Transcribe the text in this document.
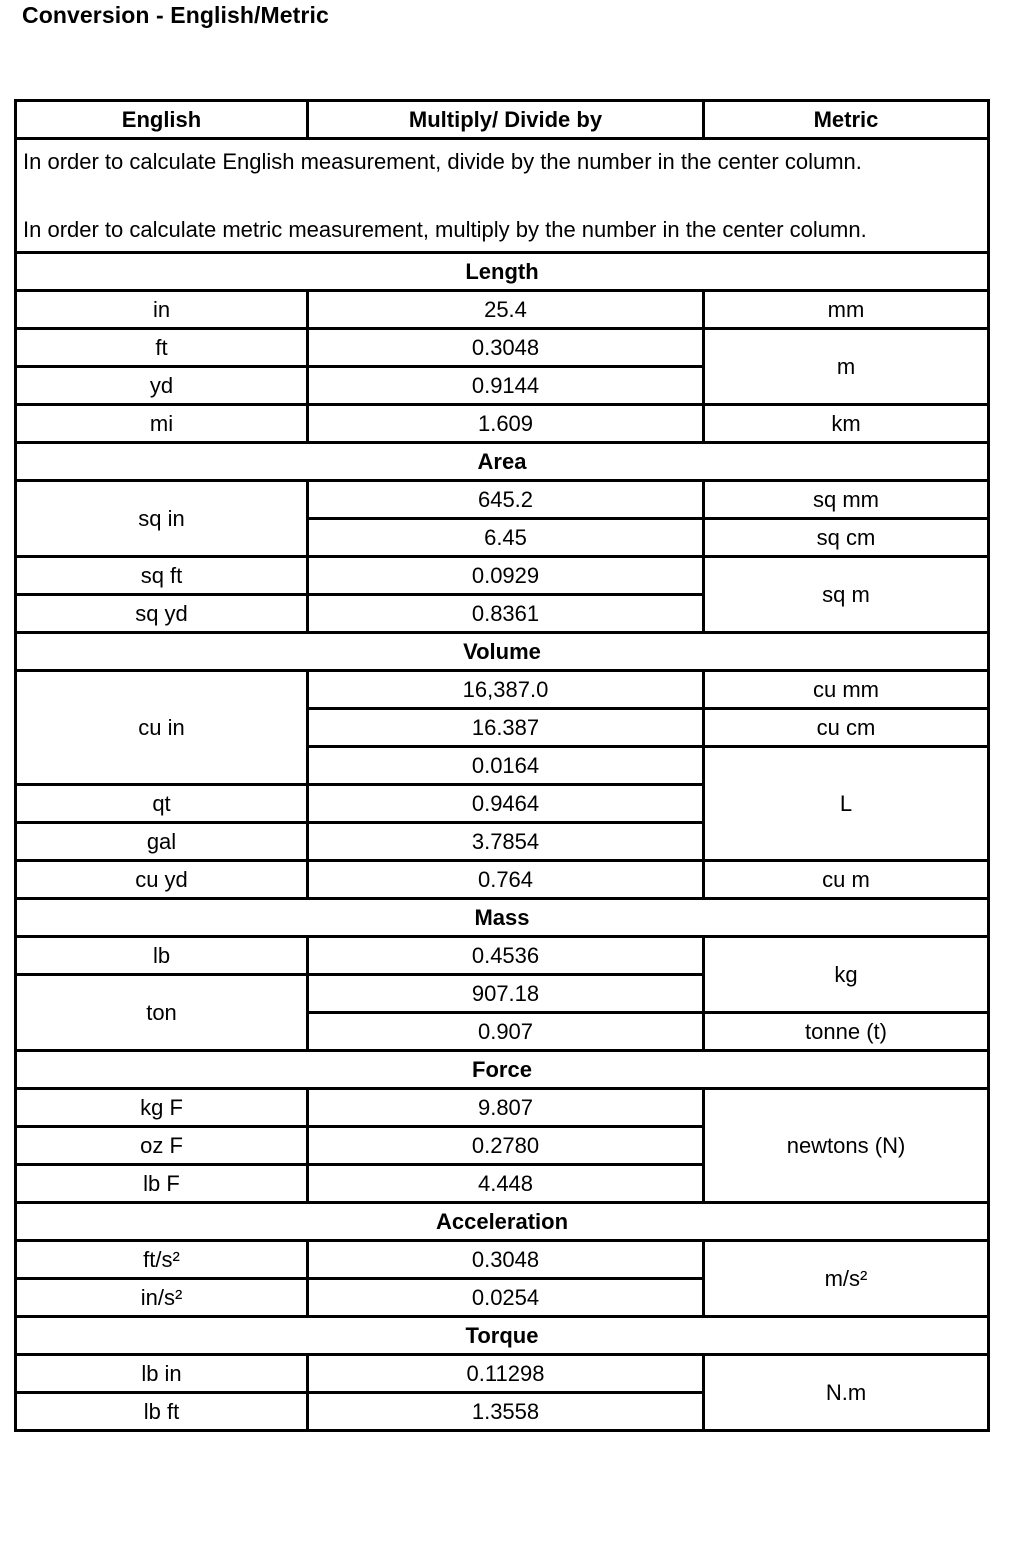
Conversion - English/Metric
English	Multiply/ Divide by	Metric

In order to calculate English measurement, divide by the number in the center column.

In order to calculate metric measurement, multiply by the number in the center column.		

Length		
in	25.4	mm
ft	0.3048	m
yd	0.9144	
mi	1.609	km
Area		
sq in	645.2	sq mm
	6.45	sq cm
sq ft	0.0929	sq m
sq yd	0.8361	
Volume		
cu in	16,387.0	cu mm
	16.387	cu cm
	0.0164	L
qt	0.9464	
gal	3.7854	
cu yd	0.764	cu m
Mass		
lb	0.4536	kg
ton	907.18	
	0.907	tonne (t)
Force		
kg F	9.807	newtons (N)
oz F	0.2780	
lb F	4.448	
Acceleration		
ft/s²	0.3048	m/s²
in/s²	0.0254	
Torque		
lb in	0.11298	N.m
lb ft	1.3558	
